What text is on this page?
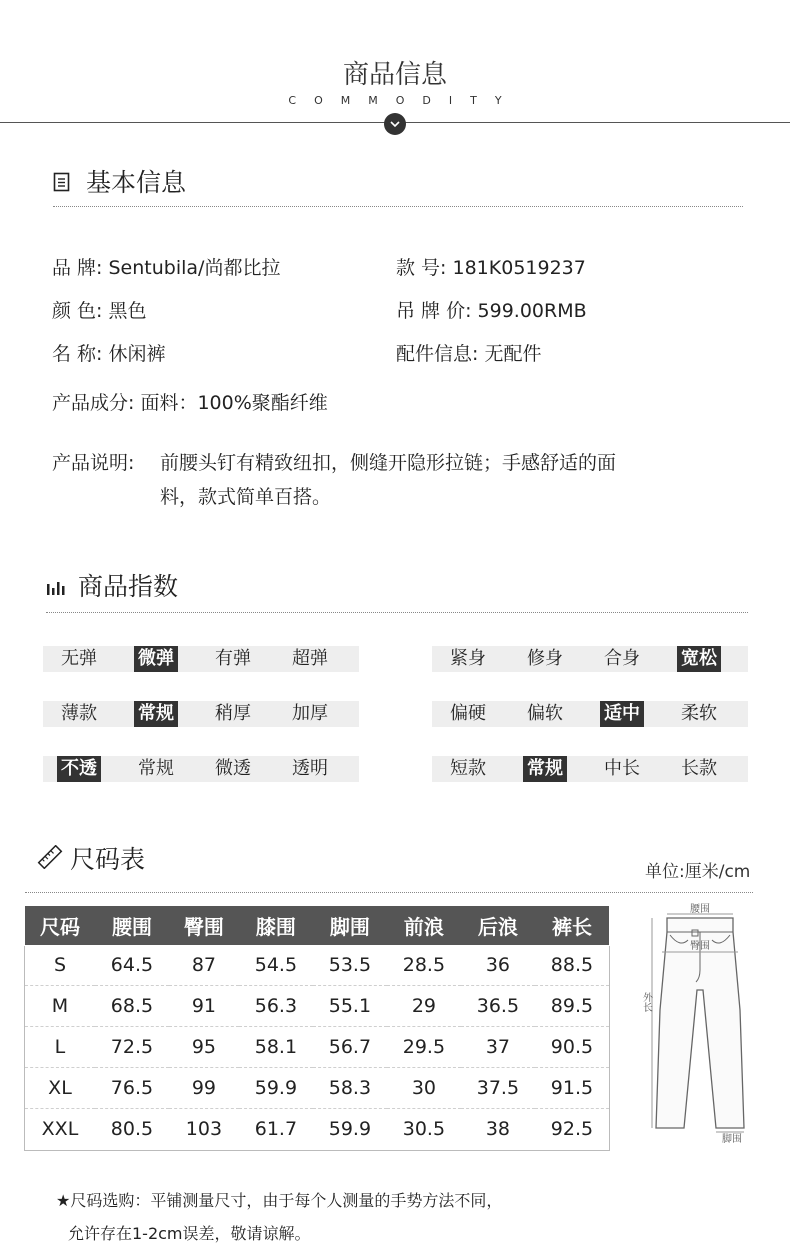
商品信息
COMMODITY
基本信息
品 牌: Sentubila/尚都比拉	款 号: 181K0519237
颜 色: 黑色	吊 牌 价: 599.00RMB
名 称: 休闲裤	配件信息: 无配件
产品成分: 面料：100%聚酯纤维
产品说明: 前腰头钉有精致纽扣，侧缝开隐形拉链；手感舒适的面
料，款式简单百搭。
商品指数
无弹 微弹 有弹 超弹	紧身 修身 合身 宽松
薄款 常规 稍厚 加厚	偏硬 偏软 适中 柔软
不透 常规 微透 透明	短款 常规 中长 长款
尺码表	单位:厘米/cm
尺码	腰围	臀围	膝围	脚围	前浪	后浪	裤长
S	64.5	87	54.5	53.5	28.5	36	88.5
M	68.5	91	56.3	55.1	29	36.5	89.5
L	72.5	95	58.1	56.7	29.5	37	90.5
XL	76.5	99	59.9	58.3	30	37.5	91.5
XXL	80.5	103	61.7	59.9	30.5	38	92.5
腰围
臀围
外长
脚围
★尺码选购：平铺测量尺寸，由于每个人测量的手势方法不同，
允许存在1-2cm误差，敬请谅解。
